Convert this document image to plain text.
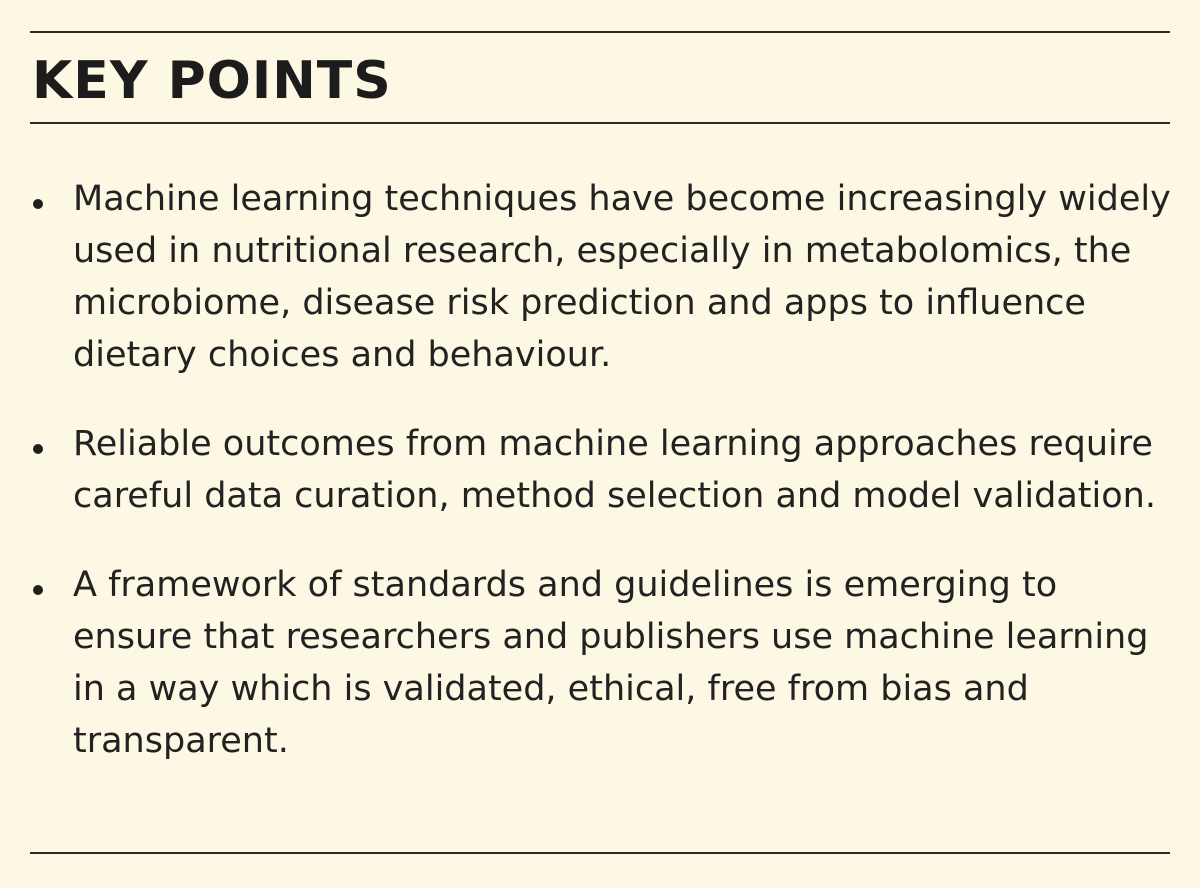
KEY POINTS
Machine learning techniques have become increasingly widely used in nutritional research, especially in metabolomics, the microbiome, disease risk prediction and apps to influence dietary choices and behaviour.
Reliable outcomes from machine learning approaches require careful data curation, method selection and model validation.
A framework of standards and guidelines is emerging to ensure that researchers and publishers use machine learning in a way which is validated, ethical, free from bias and transparent.
